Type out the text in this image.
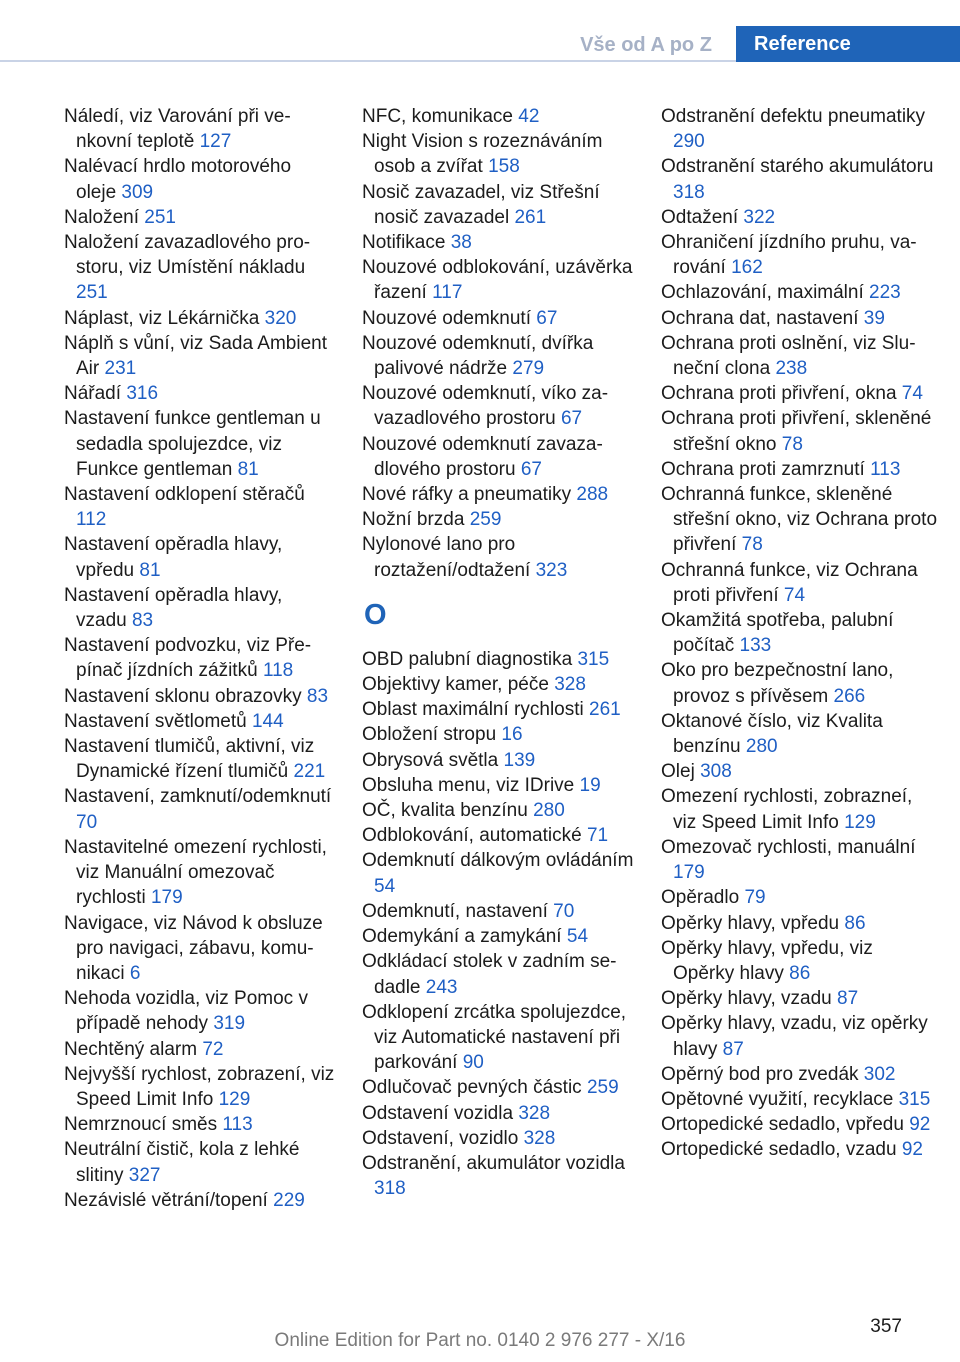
Vše od A po Z	Reference
Náledí, viz Varování při venkovní teplotě 127
Nalévací hrdlo motorového oleje 309
Naložení 251
Naložení zavazadlového prostoru, viz Umístění nákladu 251
Náplast, viz Lékárnička 320
Náplň s vůní, viz Sada Ambient Air 231
Nářadí 316
Nastavení funkce gentleman u sedadla spolujezdce, viz Funkce gentleman 81
Nastavení odklopení stěračů 112
Nastavení opěradla hlavy, vpředu 81
Nastavení opěradla hlavy, vzadu 83
Nastavení podvozku, viz Přepínač jízdních zážitků 118
Nastavení sklonu obrazovky 83
Nastavení světlometů 144
Nastavení tlumičů, aktivní, viz Dynamické řízení tlumičů 221
Nastavení, zamknutí/odemknutí 70
Nastavitelné omezení rychlosti, viz Manuální omezovač rychlosti 179
Navigace, viz Návod k obsluze pro navigaci, zábavu, komunikaci 6
Nehoda vozidla, viz Pomoc v případě nehody 319
Nechtěný alarm 72
Nejvyšší rychlost, zobrazení, viz Speed Limit Info 129
Nemrznoucí směs 113
Neutrální čistič, kola z lehké slitiny 327
Nezávislé větrání/topení 229
NFC, komunikace 42
Night Vision s rozeznáváním osob a zvířat 158
Nosič zavazadel, viz Střešní nosič zavazadel 261
Notifikace 38
Nouzové odblokování, uzávěrka řazení 117
Nouzové odemknutí 67
Nouzové odemknutí, dvířka palivové nádrže 279
Nouzové odemknutí, víko zavazadlového prostoru 67
Nouzové odemknutí zavazadlového prostoru 67
Nové ráfky a pneumatiky 288
Nožní brzda 259
Nylonové lano pro roztažení/odtažení 323
O
OBD palubní diagnostika 315
Objektivy kamer, péče 328
Oblast maximální rychlosti 261
Obložení stropu 16
Obrysová světla 139
Obsluha menu, viz IDrive 19
OČ, kvalita benzínu 280
Odblokování, automatické 71
Odemknutí dálkovým ovládáním 54
Odemknutí, nastavení 70
Odemykání a zamykání 54
Odkládací stolek v zadním sedadle 243
Odklopení zrcátka spolujezdce, viz Automatické nastavení při parkování 90
Odlučovač pevných částic 259
Odstavení vozidla 328
Odstavení, vozidlo 328
Odstranění, akumulátor vozidla 318
Odstranění defektu pneumatiky 290
Odstranění starého akumulátoru 318
Odtažení 322
Ohraničení jízdního pruhu, varování 162
Ochlazování, maximální 223
Ochrana dat, nastavení 39
Ochrana proti oslnění, viz Sluneční clona 238
Ochrana proti přivření, okna 74
Ochrana proti přivření, skleněné střešní okno 78
Ochrana proti zamrznutí 113
Ochranná funkce, skleněné střešní okno, viz Ochrana proto přivření 78
Ochranná funkce, viz Ochrana proti přivření 74
Okamžitá spotřeba, palubní počítač 133
Oko pro bezpečnostní lano, provoz s přívěsem 266
Oktanové číslo, viz Kvalita benzínu 280
Olej 308
Omezení rychlosti, zobrazneí, viz Speed Limit Info 129
Omezovač rychlosti, manuální 179
Opěradlo 79
Opěrky hlavy, vpředu 86
Opěrky hlavy, vpředu, viz Opěrky hlavy 86
Opěrky hlavy, vzadu 87
Opěrky hlavy, vzadu, viz opěrky hlavy 87
Opěrný bod pro zvedák 302
Opětovné využití, recyklace 315
Ortopedické sedadlo, vpředu 92
Ortopedické sedadlo, vzadu 92
357
Online Edition for Part no. 0140 2 976 277 - X/16
